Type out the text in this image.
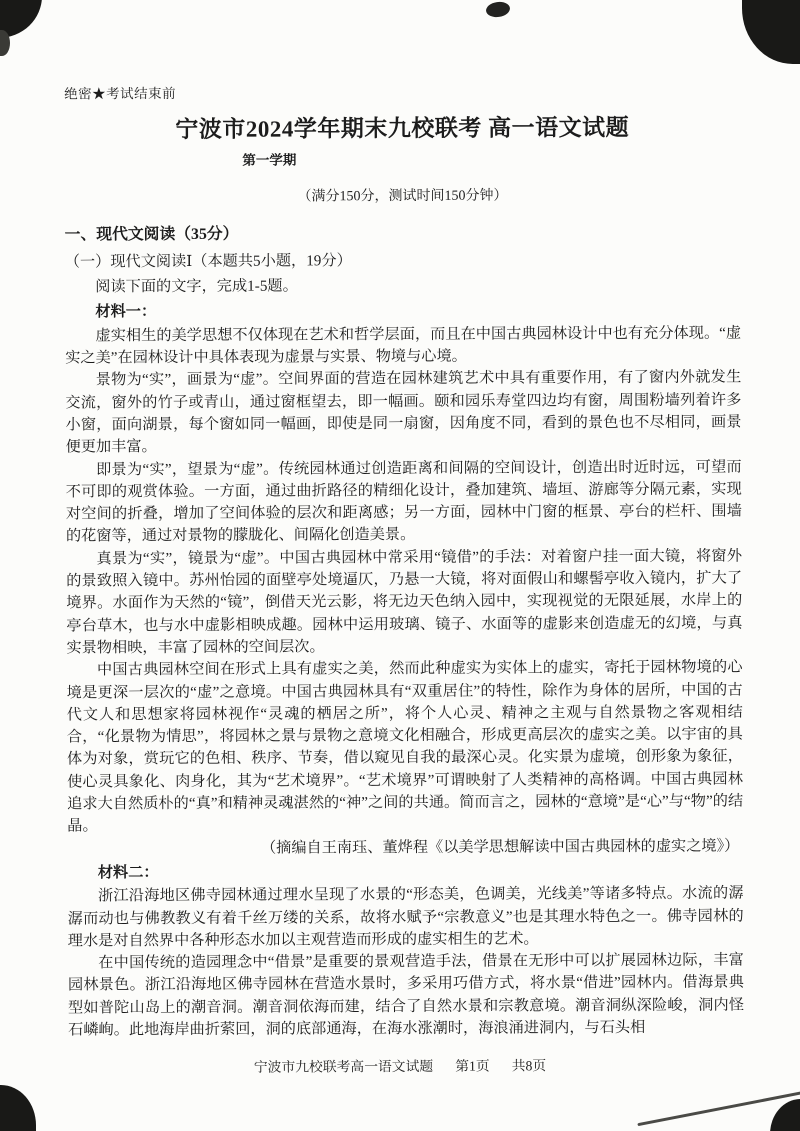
绝密★考试结束前

宁波市2024学年期末九校联考 高一语文试题
第一学期

（满分150分，测试时间150分钟）

一、现代文阅读（35分）

（一）现代文阅读Ⅰ（本题共5小题，19分）

阅读下面的文字，完成1-5题。

材料一：

虚实相生的美学思想不仅体现在艺术和哲学层面，而且在中国古典园林设计中也有充分体现。“虚实之美”在园林设计中具体表现为虚景与实景、物境与心境。

景物为“实”，画景为“虚”。空间界面的营造在园林建筑艺术中具有重要作用，有了窗内外就发生交流，窗外的竹子或青山，通过窗框望去，即一幅画。颐和园乐寿堂四边均有窗，周围粉墙列着许多小窗，面向湖景，每个窗如同一幅画，即使是同一扇窗，因角度不同，看到的景色也不尽相同，画景便更加丰富。

即景为“实”，望景为“虚”。传统园林通过创造距离和间隔的空间设计，创造出时近时远，可望而不可即的观赏体验。一方面，通过曲折路径的精细化设计，叠加建筑、墙垣、游廊等分隔元素，实现对空间的折叠，增加了空间体验的层次和距离感；另一方面，园林中门窗的框景、亭台的栏杆、围墙的花窗等，通过对景物的朦胧化、间隔化创造美景。

真景为“实”，镜景为“虚”。中国古典园林中常采用“镜借”的手法：对着窗户挂一面大镜，将窗外的景致照入镜中。苏州怡园的面壁亭处境逼仄，乃悬一大镜，将对面假山和螺髻亭收入镜内，扩大了境界。水面作为天然的“镜”，倒借天光云影，将无边天色纳入园中，实现视觉的无限延展，水岸上的亭台草木，也与水中虚影相映成趣。园林中运用玻璃、镜子、水面等的虚影来创造虚无的幻境，与真实景物相映，丰富了园林的空间层次。

中国古典园林空间在形式上具有虚实之美，然而此种虚实为实体上的虚实，寄托于园林物境的心境是更深一层次的“虚”之意境。中国古典园林具有“双重居住”的特性，除作为身体的居所，中国的古代文人和思想家将园林视作“灵魂的栖居之所”，将个人心灵、精神之主观与自然景物之客观相结合，“化景物为情思”，将园林之景与景物之意境文化相融合，形成更高层次的虚实之美。以宇宙的具体为对象，赏玩它的色相、秩序、节奏，借以窥见自我的最深心灵。化实景为虚境，创形象为象征，使心灵具象化、肉身化，其为“艺术境界”。“艺术境界”可谓映射了人类精神的高格调。中国古典园林追求大自然质朴的“真”和精神灵魂湛然的“神”之间的共通。简而言之，园林的“意境”是“心”与“物”的结晶。

（摘编自王南珏、董烨程《以美学思想解读中国古典园林的虚实之境》）

材料二：

浙江沿海地区佛寺园林通过理水呈现了水景的“形态美，色调美，光线美”等诸多特点。水流的潺潺而动也与佛教教义有着千丝万缕的关系，故将水赋予“宗教意义”也是其理水特色之一。佛寺园林的理水是对自然界中各种形态水加以主观营造而形成的虚实相生的艺术。

在中国传统的造园理念中“借景”是重要的景观营造手法，借景在无形中可以扩展园林边际，丰富园林景色。浙江沿海地区佛寺园林在营造水景时，多采用巧借方式，将水景“借进”园林内。借海景典型如普陀山岛上的潮音洞。潮音洞依海而建，结合了自然水景和宗教意境。潮音洞纵深险峻，洞内怪石嶙峋。此地海岸曲折萦回，洞的底部通海，在海水涨潮时，海浪涌进洞内，与石头相

宁波市九校联考高一语文试题 第1页 共8页
